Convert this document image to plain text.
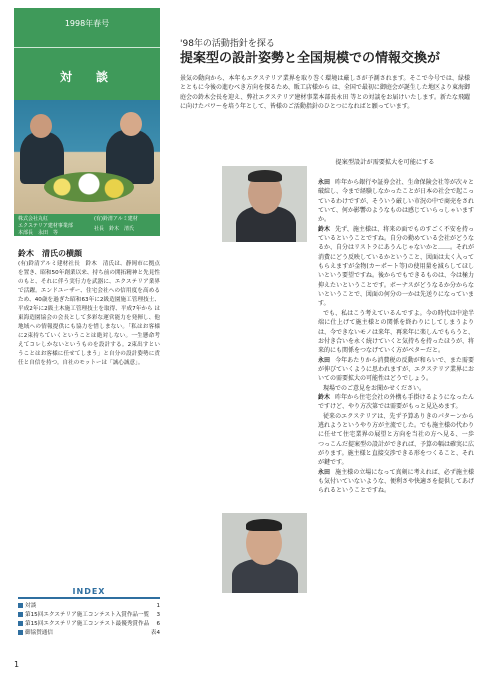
1998年春号
対　談
株式会社丸紅
エクステリア建材事業部
本部長　永田　等
(有)鈴清アルミ建材
社長　鈴木　清氏
鈴木　清氏の横顔
(有)鈴清アルミ建材社長　鈴木　清氏は、静岡市に拠点を置き、昭和50年創業以来、持ち前の開拓精神と先見性のもと、それに伴う実行力を武器に、エクステリア業界で活躍。エンドユーザー、住宅会社への信用度を高めるため、40歳を過ぎた昭和63年に2級造園施工管理技士、平成2年に2級土木施工管理技士を取得、平成7年から は東海造園協会の会長として多彩な運営能力を発揮し、他地域への情報提供にも協力を惜しまない。「私はお客様に2束持ちていくということは絶対しない。一生懸命考えてコレしかないというものを設計する。2束出すということはお客様に任せてしまう」と自分の設計姿勢に責任と自信を持つ。自社のモットーは「誠心誠意」。
INDEX
対談	1
第15回エクステリア施工コンテスト入賞作品一覧 3
第15回エクステリア施工コンテスト最優秀賞作品 6
御協賛通信	表4
1
'98年の活動指針を探る
提案型の設計姿勢と全国規模での情報交換が
景気の動向から、本年もエクステリア業界を取り巻く環境は厳しさが予測されます。そこで今号では、緑様とともに今後の進むべき方向を探るため、販工店様から は、全国で最初に御庭会が誕生した地区より東海御庭会の鈴木会長を迎え、弊社エクステリア建材事業本部長永田 等との対談をお届けいたします。新たな飛躍に向けたパワーを培う年として、皆様のご活動指針のひとつになればと願っています。
提案型設計が需要拡大を可能にする

永田 昨年から銀行や証券会社、生命保険会社等が次々と破綻し、今まで経験しなかったことが日本の社会で起こっているわけですが、そういう厳しい市況の中で商売をされていて、何か影響のようなものは感じていらっしゃいますか。

鈴木 先ず、施主様は、将来の面でものすごく不安を持っているということですね。自分の勤めている会社がどうなるか、自分はリストラにあうんじゃないかと……。それが消費にどう反映しているかということ、図面は太く入ってもらえますが金物(カーポート等)の使用量を減らしてほしいという要望ですね。後からでもできるものは、今は極力抑えたいということです。ボーナスがどうなるか分からないということで、図面の何分の一かは先送りになっています。

でも、私はこう考えているんですよ。今の時代は中途半端に仕上げて施主様との関係を終わりにしてしまうよりは、今できないモノは来年、再来年に楽しんでもらうと、お付き合いを永く続けていくと気持ちを持ったほうが、将来的にも関係をつなげていく方がベターだと。

永田 今年あたりから消費税の反動が和らいで、また需要が伸びていくように思われますが、エクステリア業界においての需要拡大の可能性はどうでしょう。

現場でのご意見をお聞かせください。

鈴木 昨年から住宅会社の外構も手掛けるようになったんですけど、やり方次第では需要がもっと見込めます。

従来のエクステリアは、先ず予算ありきのパターンから逃れようというやり方が主流でした。でも施主様の代わりに任せて住宅業界の展望と方向を当社の方へ見る、一歩つっこんだ提案型の設計ができれば、予算の幅は確実に広がります。施主様と直接交渉できる形をつくること、それが鍵です。

永田 施主様の立場になって真剣に考えれば、必ず施主様も気付いていないような、便利さや快適さを提供してあげられるということですね。
